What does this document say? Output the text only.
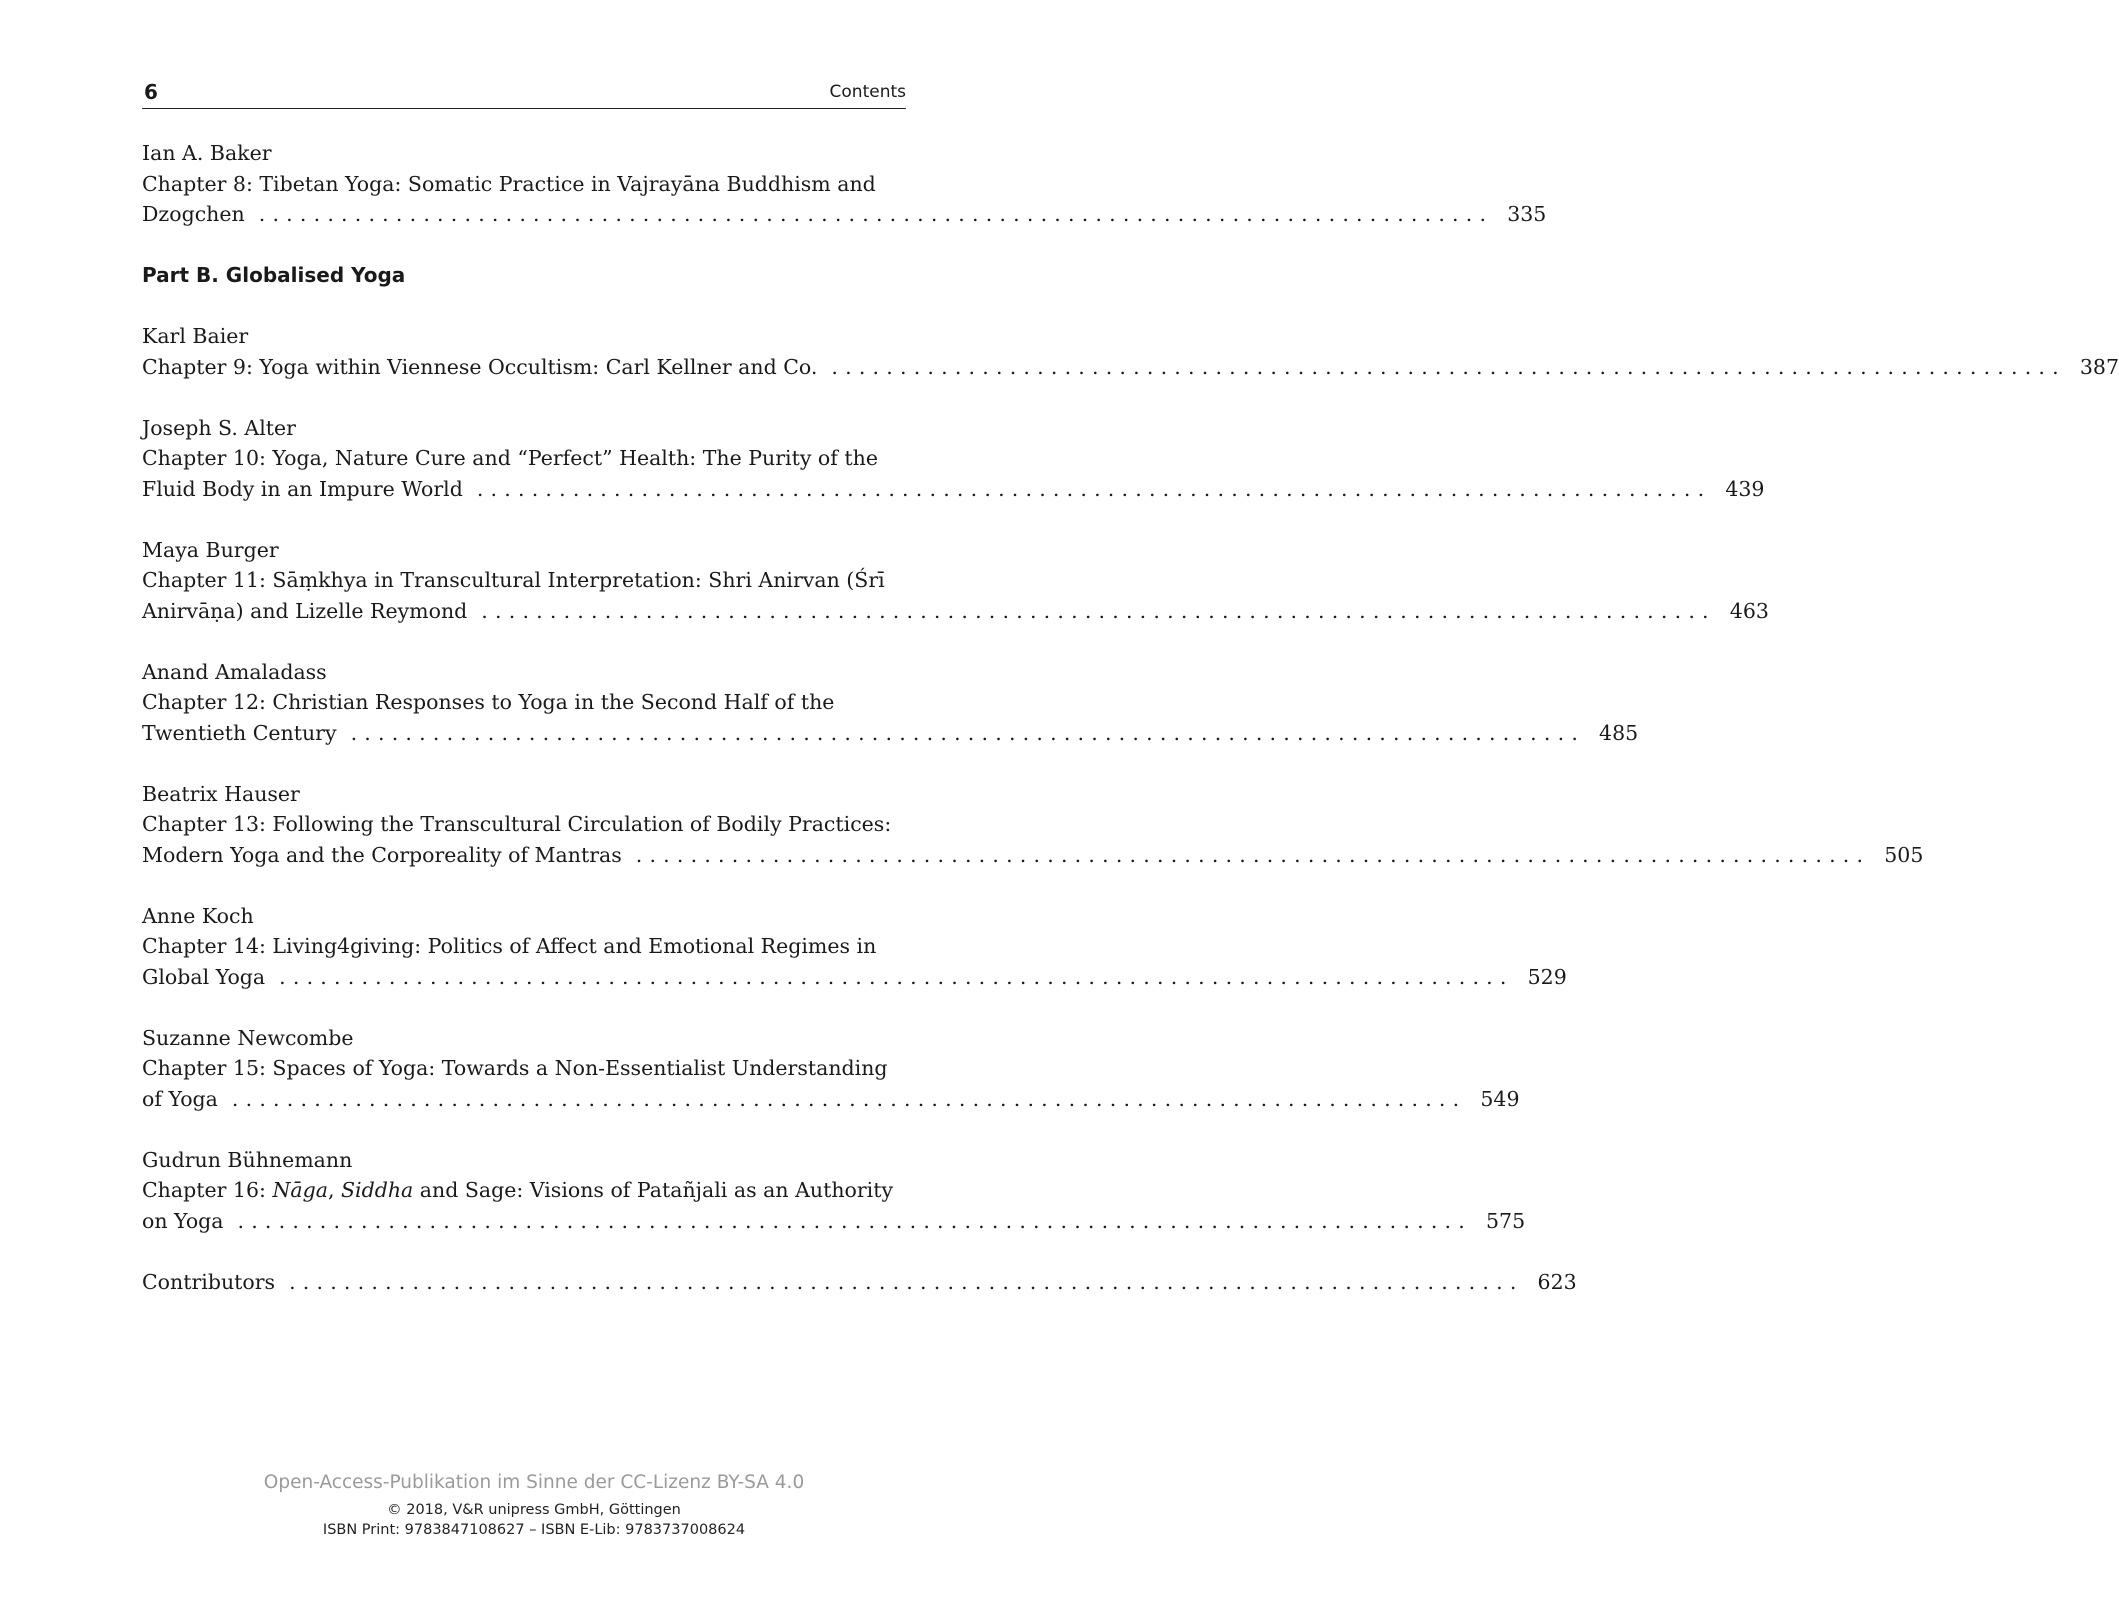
6	Contents
Ian A. Baker
Chapter 8: Tibetan Yoga: Somatic Practice in Vajrayāna Buddhism and
Dzogchen .......................................................................................... 335
Part B. Globalised Yoga
Karl Baier
Chapter 9: Yoga within Viennese Occultism: Carl Kellner and Co. .......................................................................................... 387
Joseph S. Alter
Chapter 10: Yoga, Nature Cure and “Perfect” Health: The Purity of the
Fluid Body in an Impure World .......................................................................................... 439
Maya Burger
Chapter 11: Sāṃkhya in Transcultural Interpretation: Shri Anirvan (Śrī
Anirvāṇa) and Lizelle Reymond .......................................................................................... 463
Anand Amaladass
Chapter 12: Christian Responses to Yoga in the Second Half of the
Twentieth Century .......................................................................................... 485
Beatrix Hauser
Chapter 13: Following the Transcultural Circulation of Bodily Practices:
Modern Yoga and the Corporeality of Mantras .......................................................................................... 505
Anne Koch
Chapter 14: Living4giving: Politics of Affect and Emotional Regimes in
Global Yoga .......................................................................................... 529
Suzanne Newcombe
Chapter 15: Spaces of Yoga: Towards a Non-Essentialist Understanding
of Yoga .......................................................................................... 549
Gudrun Bühnemann
Chapter 16: Nāga, Siddha and Sage: Visions of Patañjali as an Authority
on Yoga .......................................................................................... 575
Contributors .......................................................................................... 623
Open-Access-Publikation im Sinne der CC-Lizenz BY-SA 4.0
© 2018, V&R unipress GmbH, Göttingen
ISBN Print: 9783847108627 – ISBN E-Lib: 9783737008624
